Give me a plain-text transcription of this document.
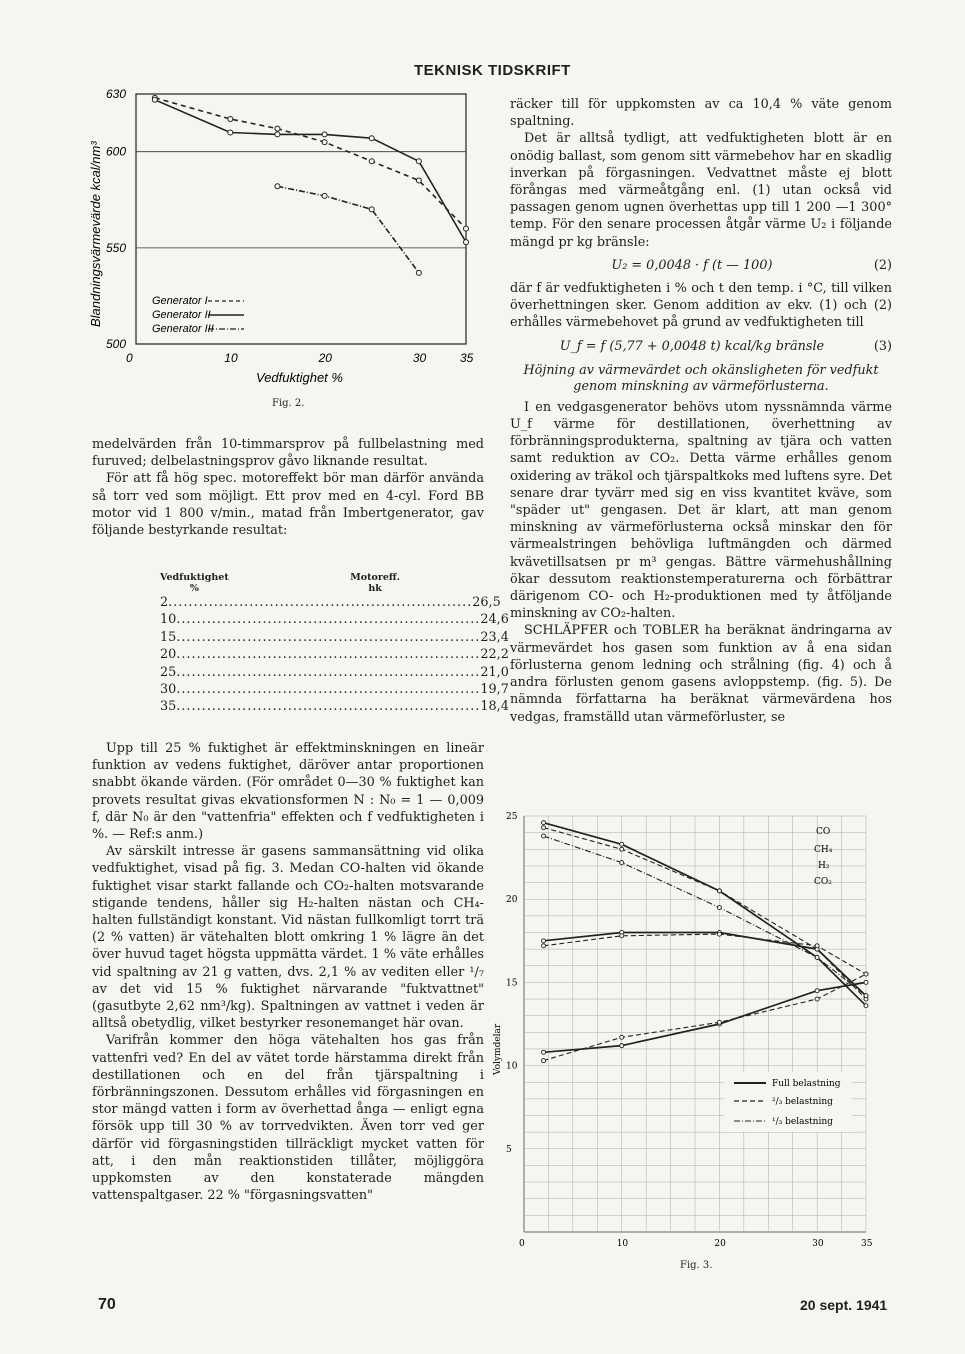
TEKNISK TIDSKRIFT
630
600
550
500
0	10	20	30	35
Blandningsvärmevärde kcal/nm³
Vedfuktighet %
Generator I
Generator II
Generator III
Fig. 2.

medelvärden från 10-timmarsprov på fullbelastning med furuved; delbelastningsprov gåvo liknande resultat.

För att få hög spec. motoreffekt bör man därför använda så torr ved som möjligt. Ett prov med en 4-cyl. Ford BB motor vid 1 800 v/min., matad från Imbertgenerator, gav följande bestyrkande resultat:

Vedfuktighet
%
Motoreff.
hk
2 ............................................................ 26,5
10 ............................................................ 24,6
15 ............................................................ 23,4
20 ............................................................ 22,2
25 ............................................................ 21,0
30 ............................................................ 19,7
35 ............................................................ 18,4

Upp till 25 % fuktighet är effektminskningen en lineär funktion av vedens fuktighet, däröver antar proportionen snabbt ökande värden. (För området 0—30 % fuktighet kan provets resultat givas ekvationsformen N : N₀ = 1 — 0,009 f, där N₀ är den "vattenfria" effekten och f vedfuktigheten i %. — Ref:s anm.)

Av särskilt intresse är gasens sammansättning vid olika vedfuktighet, visad på fig. 3. Medan CO-halten vid ökande fuktighet visar starkt fallande och CO₂-halten motsvarande stigande tendens, håller sig H₂-halten nästan och CH₄-halten fullständigt konstant. Vid nästan fullkomligt torrt trä (2 % vatten) är vätehalten blott omkring 1 % lägre än det över huvud taget högsta uppmätta värdet. 1 % väte erhålles vid spaltning av 21 g vatten, dvs. 2,1 % av vediten eller ¹/₇ av det vid 15 % fuktighet närvarande "fuktvattnet" (gasutbyte 2,62 nm³/kg). Spaltningen av vattnet i veden är alltså obetydlig, vilket bestyrker resonemanget här ovan.

Varifrån kommer den höga vätehalten hos gas från vattenfri ved? En del av vätet torde härstamma direkt från destillationen och en del från tjärspaltning i förbränningszonen. Dessutom erhålles vid förgasningen en stor mängd vatten i form av överhettad ånga — enligt egna försök upp till 30 % av torrvedvikten. Även torr ved ger därför vid förgasningstiden tillräckligt mycket vatten för att, i den mån reaktionstiden tillåter, möjliggöra uppkomsten av den konstaterade mängden vattenspaltgaser. 22 % "förgasningsvatten"

räcker till för uppkomsten av ca 10,4 % väte genom spaltning.

Det är alltså tydligt, att vedfuktigheten blott är en onödig ballast, som genom sitt värmebehov har en skadlig inverkan på förgasningen. Vedvattnet måste ej blott förångas med värmeåtgång enl. (1) utan också vid passagen genom ugnen överhettas upp till 1 200 —1 300° temp. För den senare processen åtgår värme U₂ i följande mängd pr kg bränsle:

U₂ = 0,0048 · f (t — 100)	(2)

där f är vedfuktigheten i % och t den temp. i °C, till vilken överhettningen sker. Genom addition av ekv. (1) och (2) erhålles värmebehovet på grund av vedfuktigheten till

U_f = f (5,77 + 0,0048 t) kcal/kg bränsle	(3)
Höjning av värmevärdet och okänsligheten för vedfukt genom minskning av värmeförlusterna.

I en vedgasgenerator behövs utom nyssnämnda värme U_f värme för destillationen, överhettning av förbränningsprodukterna, spaltning av tjära och vatten samt reduktion av CO₂. Detta värme erhålles genom oxidering av träkol och tjärspaltkoks med luftens syre. Det senare drar tyvärr med sig en viss kvantitet kväve, som "späder ut" gengasen. Det är klart, att man genom minskning av värmeförlusterna också minskar den för värmealstringen behövliga luftmängden och därmed kvävetillsatsen pr m³ gengas. Bättre värmehushållning ökar dessutom reaktionstemperaturerna och förbättrar därigenom CO- och H₂-produktionen med ty åtföljande minskning av CO₂-halten.

SCHLÄPFER och TOBLER ha beräknat ändringarna av värmevärdet hos gasen som funktion av å ena sidan förlusterna genom ledning och strålning (fig. 4) och å andra förlusten genom gasens avloppstemp. (fig. 5). De nämnda författarna ha beräknat värmevärdena hos vedgas, framställd utan värmeförluster, se

25
20
15
10
5
0	10	20	30	35
Volymdelar
CO
CH₄
H₂
CO₂
Full belastning
²/₃ belastning
¹/₃ belastning
Fig. 3.
70	20 sept. 1941
